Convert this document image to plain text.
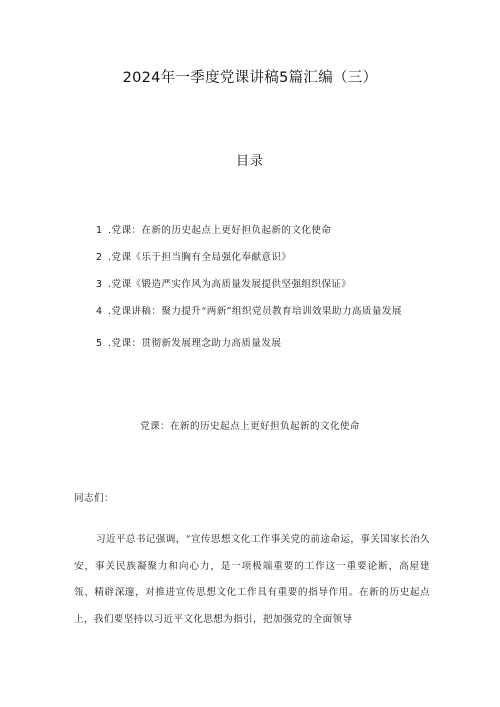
2024年一季度党课讲稿5篇汇编（三）
目录
1 .党课：在新的历史起点上更好担负起新的文化使命
2 .党课《乐于担当胸有全局强化奉献意识》
3 .党课《锻造严实作风为高质量发展提供坚强组织保证》
4 .党课讲稿：聚力提升“两新”组织党员教育培训效果助力高质量发展
5 .党课：贯彻新发展理念助力高质量发展
党课：在新的历史起点上更好担负起新的文化使命
同志们：

习近平总书记强调，“宣传思想文化工作事关党的前途命运，事关国家长治久安，事关民族凝聚力和向心力，是一项极端重要的工作这一重要论断，高屋建瓴、精辟深邃，对推进宣传思想文化工作具有重要的指导作用。在新的历史起点上，我们要坚持以习近平文化思想为指引，把加强党的全面领导
